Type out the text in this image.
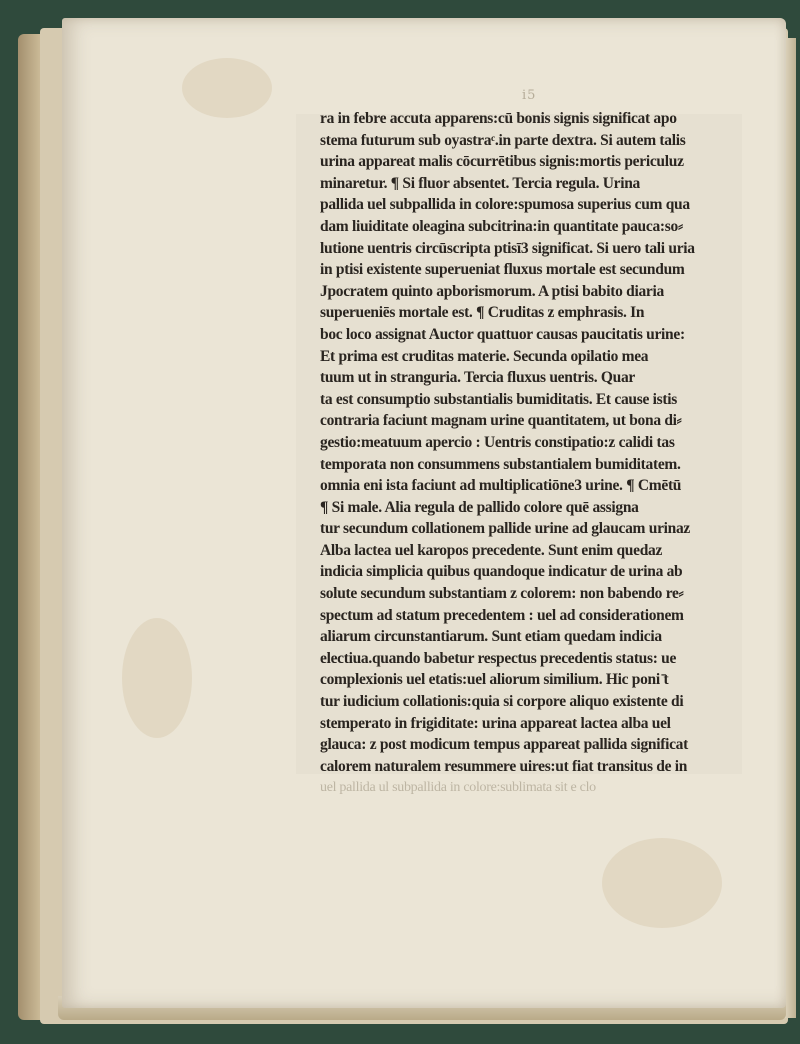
i5
ra in febre accuta apparens:cū bonis signis significat apo
stema futurum sub oyastraᶜ.in parte dextra. Si autem talis
urina appareat malis cōcurrētibus signis:mortis periculuz
minaretur. ¶ Si fluor absentet. Tercia regula. Urina
pallida uel subpallida in colore:spumosa superius cum qua
dam liuiditate oleagina subcitrina:in quantitate pauca:so⸗
lutione uentris circūscripta ptisī3 significat. Si uero tali uria
in ptisi existente superueniat fluxus mortale est secundum
Jpocratem quinto apborismorum. A ptisi babito diaria
superueniēs mortale est. ¶ Cruditas z emphrasis. In
boc loco assignat Auctor quattuor causas paucitatis urine:
Et prima est cruditas materie. Secunda opilatio mea
tuum ut in stranguria. Tercia fluxus uentris. Quar
ta est consumptio substantialis bumiditatis. Et cause istis
contraria faciunt magnam urine quantitatem, ut bona di⸗
gestio:meatuum apercio : Uentris constipatio:z calidi tas
temporata non consummens substantialem bumiditatem.
omnia eni ista faciunt ad multiplicatiōne3 urine. ¶ Cmētū
¶ Si male. Alia regula de pallido colore quē assigna
tur secundum collationem pallide urine ad glaucam urinaz
Alba lactea uel karopos precedente. Sunt enim quedaz
indicia simplicia quibus quandoque indicatur de urina ab
solute secundum substantiam z colorem: non babendo re⸗
spectum ad statum precedentem : uel ad considerationem
aliarum circunstantiarum. Sunt etiam quedam indicia
electiua.quando babetur respectus precedentis status: ue
complexionis uel etatis:uel aliorum similium. Hic poni ̄t
tur iudicium collationis:quia si corpore aliquo existente di
stemperato in frigiditate: urina appareat lactea alba uel
glauca: z post modicum tempus appareat pallida significat
calorem naturalem resummere uires:ut fiat transitus de in
uel pallida ul subpallida in colore:sublimata sit e clo
